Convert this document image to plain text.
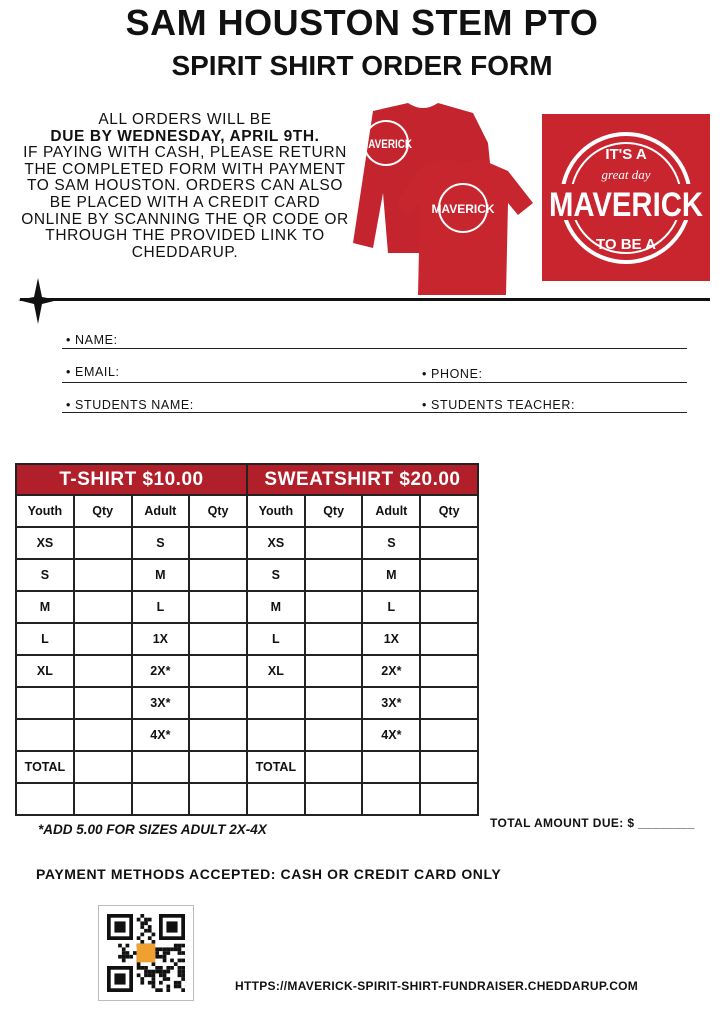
SAM HOUSTON STEM PTO
SPIRIT SHIRT ORDER FORM
ALL ORDERS WILL BE
DUE BY WEDNESDAY, APRIL 9TH.
IF PAYING WITH CASH, PLEASE RETURN THE COMPLETED FORM WITH PAYMENT TO SAM HOUSTON. ORDERS CAN ALSO BE PLACED WITH A CREDIT CARD ONLINE BY SCANNING THE QR CODE OR THROUGH THE PROVIDED LINK TO CHEDDARUP.
MAVERICK
MAVERICK
IT'S A
great day
MAVERICK
TO BE A
• NAME:
• EMAIL:	• PHONE:
• STUDENTS NAME:	• STUDENTS TEACHER:
T-SHIRT $10.00				SWEATSHIRT $20.00			
Youth	Qty	Adult	Qty	Youth	Qty	Adult	Qty
XS		S		XS		S	
S		M		S		M	
M		L		M		L	
L		1X		L		1X	
XL		2X*		XL		2X*	
		3X*				3X*	
		4X*				4X*	
TOTAL				TOTAL			

*ADD 5.00 FOR SIZES ADULT 2X-4X	TOTAL AMOUNT DUE: $ ________
PAYMENT METHODS ACCEPTED: CASH OR CREDIT CARD ONLY
HTTPS://MAVERICK-SPIRIT-SHIRT-FUNDRAISER.CHEDDARUP.COM
